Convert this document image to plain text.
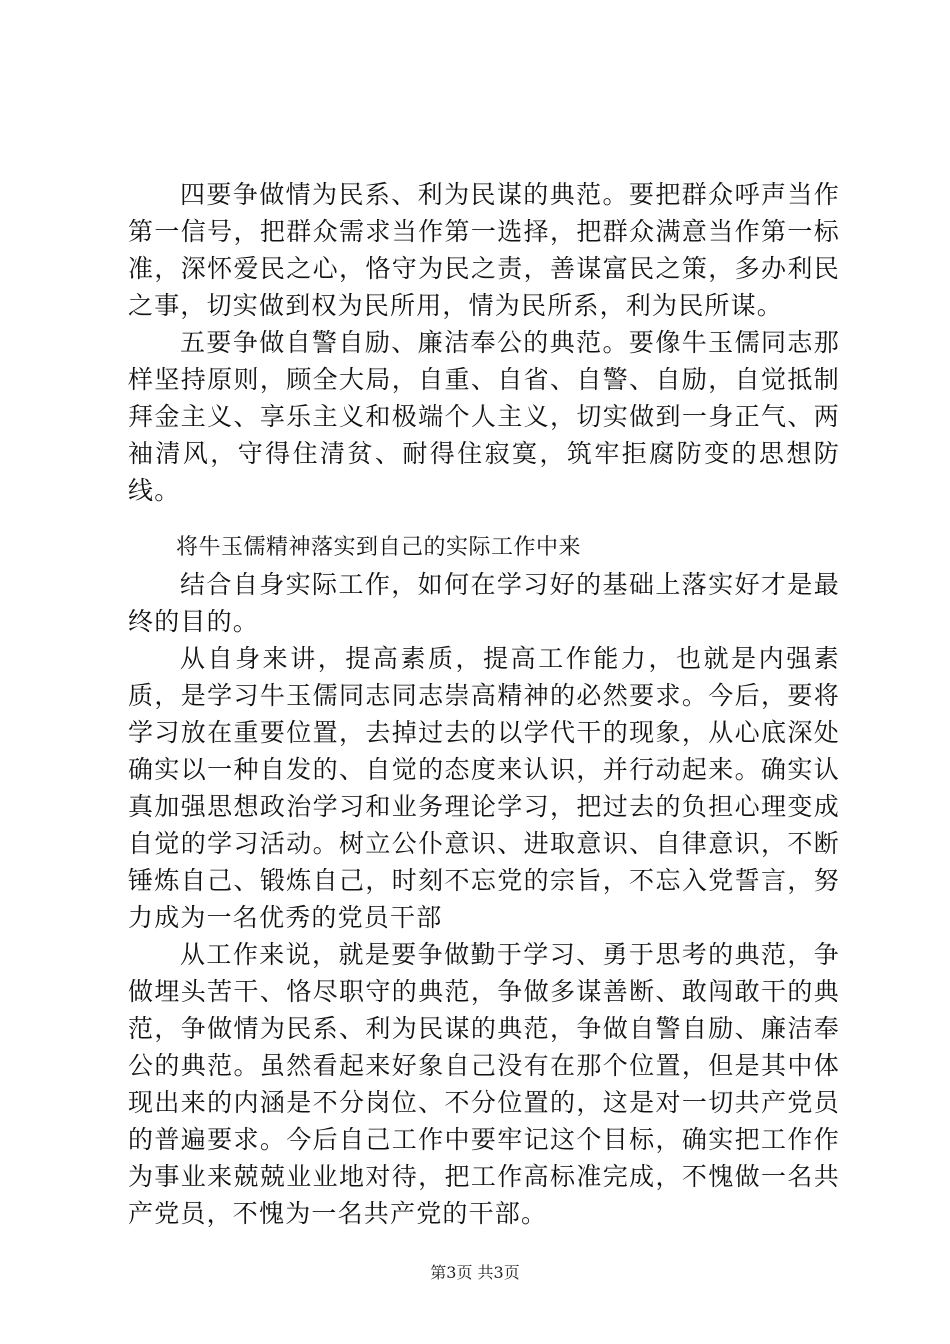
四要争做情为民系、利为民谋的典范。要把群众呼声当作第一信号，把群众需求当作第一选择，把群众满意当作第一标准，深怀爱民之心，恪守为民之责，善谋富民之策，多办利民之事，切实做到权为民所用，情为民所系，利为民所谋。

五要争做自警自励、廉洁奉公的典范。要像牛玉儒同志那样坚持原则，顾全大局，自重、自省、自警、自励，自觉抵制拜金主义、享乐主义和极端个人主义，切实做到一身正气、两袖清风，守得住清贫、耐得住寂寞，筑牢拒腐防变的思想防线。

将牛玉儒精神落实到自己的实际工作中来

结合自身实际工作，如何在学习好的基础上落实好才是最终的目的。

从自身来讲，提高素质，提高工作能力，也就是内强素质，是学习牛玉儒同志同志崇高精神的必然要求。今后，要将学习放在重要位置，去掉过去的以学代干的现象，从心底深处确实以一种自发的、自觉的态度来认识，并行动起来。确实认真加强思想政治学习和业务理论学习，把过去的负担心理变成自觉的学习活动。树立公仆意识、进取意识、自律意识，不断锤炼自己、锻炼自己，时刻不忘党的宗旨，不忘入党誓言，努力成为一名优秀的党员干部

从工作来说，就是要争做勤于学习、勇于思考的典范，争做埋头苦干、恪尽职守的典范，争做多谋善断、敢闯敢干的典范，争做情为民系、利为民谋的典范，争做自警自励、廉洁奉公的典范。虽然看起来好象自己没有在那个位置，但是其中体现出来的内涵是不分岗位、不分位置的，这是对一切共产党员的普遍要求。今后自己工作中要牢记这个目标，确实把工作作为事业来兢兢业业地对待，把工作高标准完成，不愧做一名共产党员，不愧为一名共产党的干部。

第3页 共3页
